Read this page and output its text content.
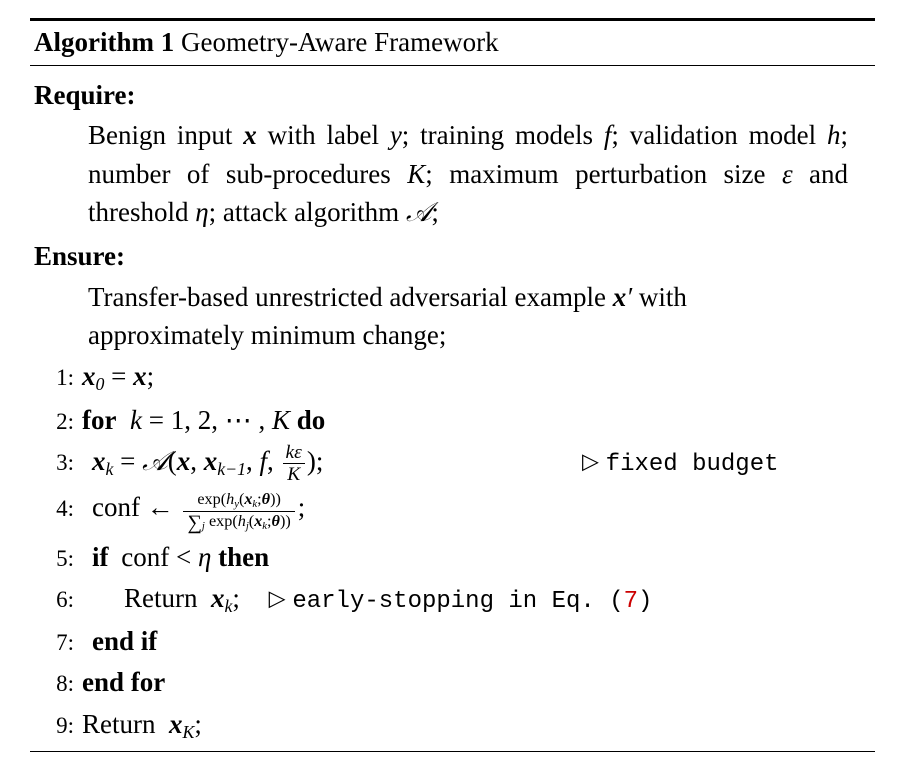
Algorithm 1 Geometry-Aware Framework
Require:
Benign input x with label y; training models f; validation model h; number of sub-procedures K; maximum perturbation size ε and threshold η; attack algorithm 𝒜;
Ensure:
Transfer-based unrestricted adversarial example x′ with approximately minimum change;
1: $x_0 = x$;
2: for  k = 1, 2, ⋯ , K do
3: $x_k$ = 𝒜(x, $x_{k-1}$, f, $\frac{k\varepsilon}{K}$ );	▷ fixed budget
4: conf ← $\frac{\exp(h_y(x_k;\theta))}{\sum_j \exp(h_j(x_k;\theta))}$ ;
5: if conf < η then
6:	Return  $x_k$; ▷ early-stopping in Eq. (7)
7: end if
8: end for
9: Return  $x_K$;
